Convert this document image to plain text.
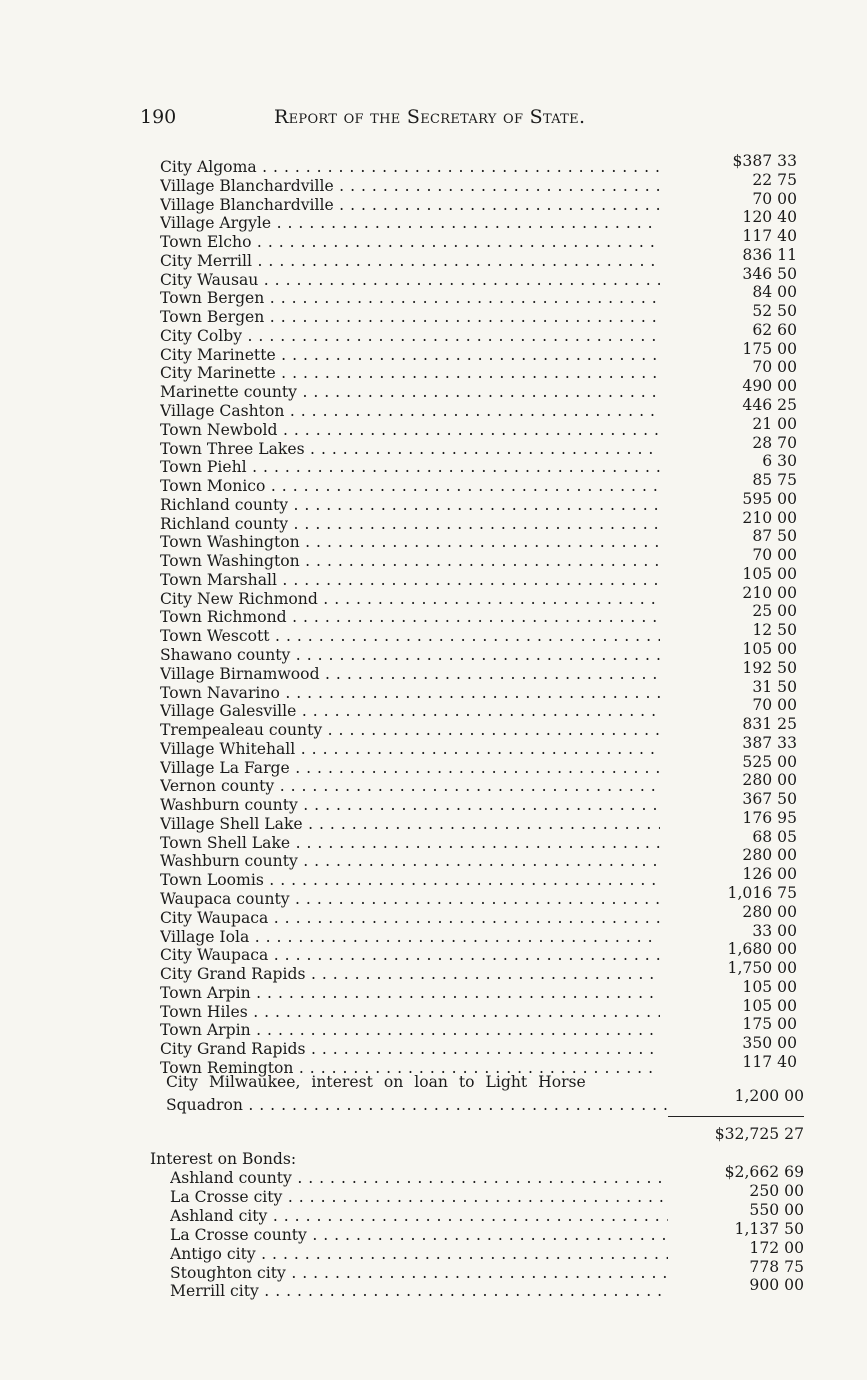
190	Report of the Secretary of State.
City Algoma . . .	$387 33
Village Blanchardville . . .	22 75
Village Blanchardville . . .	70 00
Village Argyle . . .	120 40
Town Elcho . . .	117 40
City Merrill . . .	836 11
City Wausau . . .	346 50
Town Bergen . . .	84 00
Town Bergen . . .	52 50
City Colby . . .	62 60
City Marinette . . .	175 00
City Marinette . . .	70 00
Marinette county . . .	490 00
Village Cashton . . .	446 25
Town Newbold . . .	21 00
Town Three Lakes . . .	28 70
Town Piehl . . .	6 30
Town Monico . . .	85 75
Richland county . . .	595 00
Richland county . . .	210 00
Town Washington . . .	87 50
Town Washington . . .	70 00
Town Marshall . . .	105 00
City New Richmond . . .	210 00
Town Richmond . . .	25 00
Town Wescott . . .	12 50
Shawano county . . .	105 00
Village Birnamwood . . .	192 50
Town Navarino . . .	31 50
Village Galesville . . .	70 00
Trempealeau county . . .	831 25
Village Whitehall . . .	387 33
Village La Farge . . .	525 00
Vernon county . . .	280 00
Washburn county . . .	367 50
Village Shell Lake . . .	176 95
Town Shell Lake . . .	68 05
Washburn county . . .	280 00
Town Loomis . . .	126 00
Waupaca county . . .	1,016 75
City Waupaca . . .	280 00
Village Iola . . .	33 00
City Waupaca . . .	1,680 00
City Grand Rapids . . .	1,750 00
Town Arpin . . .	105 00
Town Hiles . . .	105 00
Town Arpin . . .	175 00
City Grand Rapids . . .	350 00
Town Remington . . .	117 40
City Milwaukee, interest on loan to Light Horse
Squadron . . .	1,200 00
$32,725 27
Interest on Bonds:
Ashland county . . .	$2,662 69
La Crosse city . . .	250 00
Ashland city . . .	550 00
La Crosse county . . .	1,137 50
Antigo city . . .	172 00
Stoughton city . . .	778 75
Merrill city . . .	900 00
